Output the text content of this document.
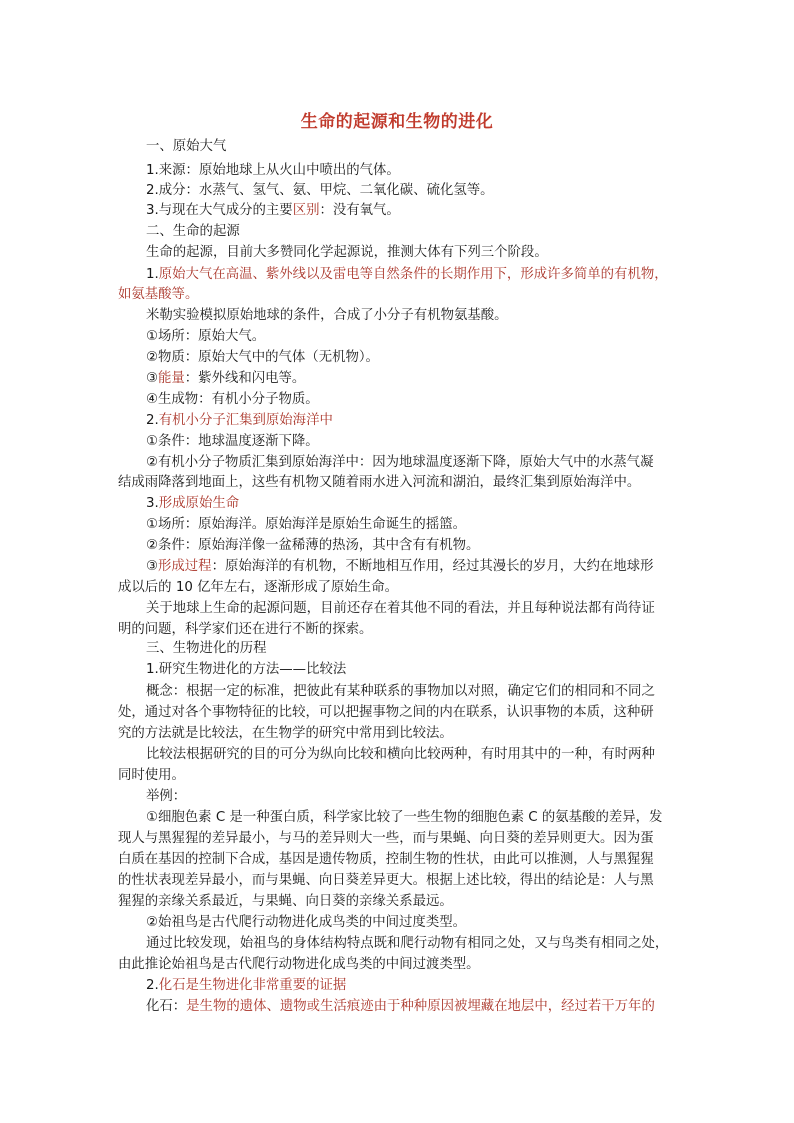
生命的起源和生物的进化
一、原始大气
1.来源：原始地球上从火山中喷出的气体。
2.成分：水蒸气、氢气、氨、甲烷、二氧化碳、硫化氢等。
3.与现在大气成分的主要区别：没有氧气。
二、生命的起源
生命的起源，目前大多赞同化学起源说，推测大体有下列三个阶段。
1.原始大气在高温、紫外线以及雷电等自然条件的长期作用下，形成许多简单的有机物，
如氨基酸等。
米勒实验模拟原始地球的条件，合成了小分子有机物氨基酸。
①场所：原始大气。
②物质：原始大气中的气体（无机物）。
③能量：紫外线和闪电等。
④生成物：有机小分子物质。
2.有机小分子汇集到原始海洋中
①条件：地球温度逐渐下降。
②有机小分子物质汇集到原始海洋中：因为地球温度逐渐下降，原始大气中的水蒸气凝
结成雨降落到地面上，这些有机物又随着雨水进入河流和湖泊，最终汇集到原始海洋中。
3.形成原始生命
①场所：原始海洋。原始海洋是原始生命诞生的摇篮。
②条件：原始海洋像一盆稀薄的热汤，其中含有有机物。
③形成过程：原始海洋的有机物，不断地相互作用，经过其漫长的岁月，大约在地球形
成以后的 10 亿年左右，逐渐形成了原始生命。
关于地球上生命的起源问题，目前还存在着其他不同的看法，并且每种说法都有尚待证
明的问题，科学家们还在进行不断的探索。
三、生物进化的历程
1.研究生物进化的方法——比较法
概念：根据一定的标准，把彼此有某种联系的事物加以对照，确定它们的相同和不同之
处，通过对各个事物特征的比较，可以把握事物之间的内在联系，认识事物的本质，这种研
究的方法就是比较法，在生物学的研究中常用到比较法。
比较法根据研究的目的可分为纵向比较和横向比较两种，有时用其中的一种，有时两种
同时使用。
举例：
①细胞色素 C 是一种蛋白质，科学家比较了一些生物的细胞色素 C 的氨基酸的差异，发
现人与黑猩猩的差异最小，与马的差异则大一些，而与果蝇、向日葵的差异则更大。因为蛋
白质在基因的控制下合成，基因是遗传物质，控制生物的性状，由此可以推测，人与黑猩猩
的性状表现差异最小，而与果蝇、向日葵差异更大。根据上述比较，得出的结论是：人与黑
猩猩的亲缘关系最近，与果蝇、向日葵的亲缘关系最远。
②始祖鸟是古代爬行动物进化成鸟类的中间过度类型。
通过比较发现，始祖鸟的身体结构特点既和爬行动物有相同之处，又与鸟类有相同之处，
由此推论始祖鸟是古代爬行动物进化成鸟类的中间过渡类型。
2.化石是生物进化非常重要的证据
化石：是生物的遗体、遗物或生活痕迹由于种种原因被埋藏在地层中，经过若干万年的
